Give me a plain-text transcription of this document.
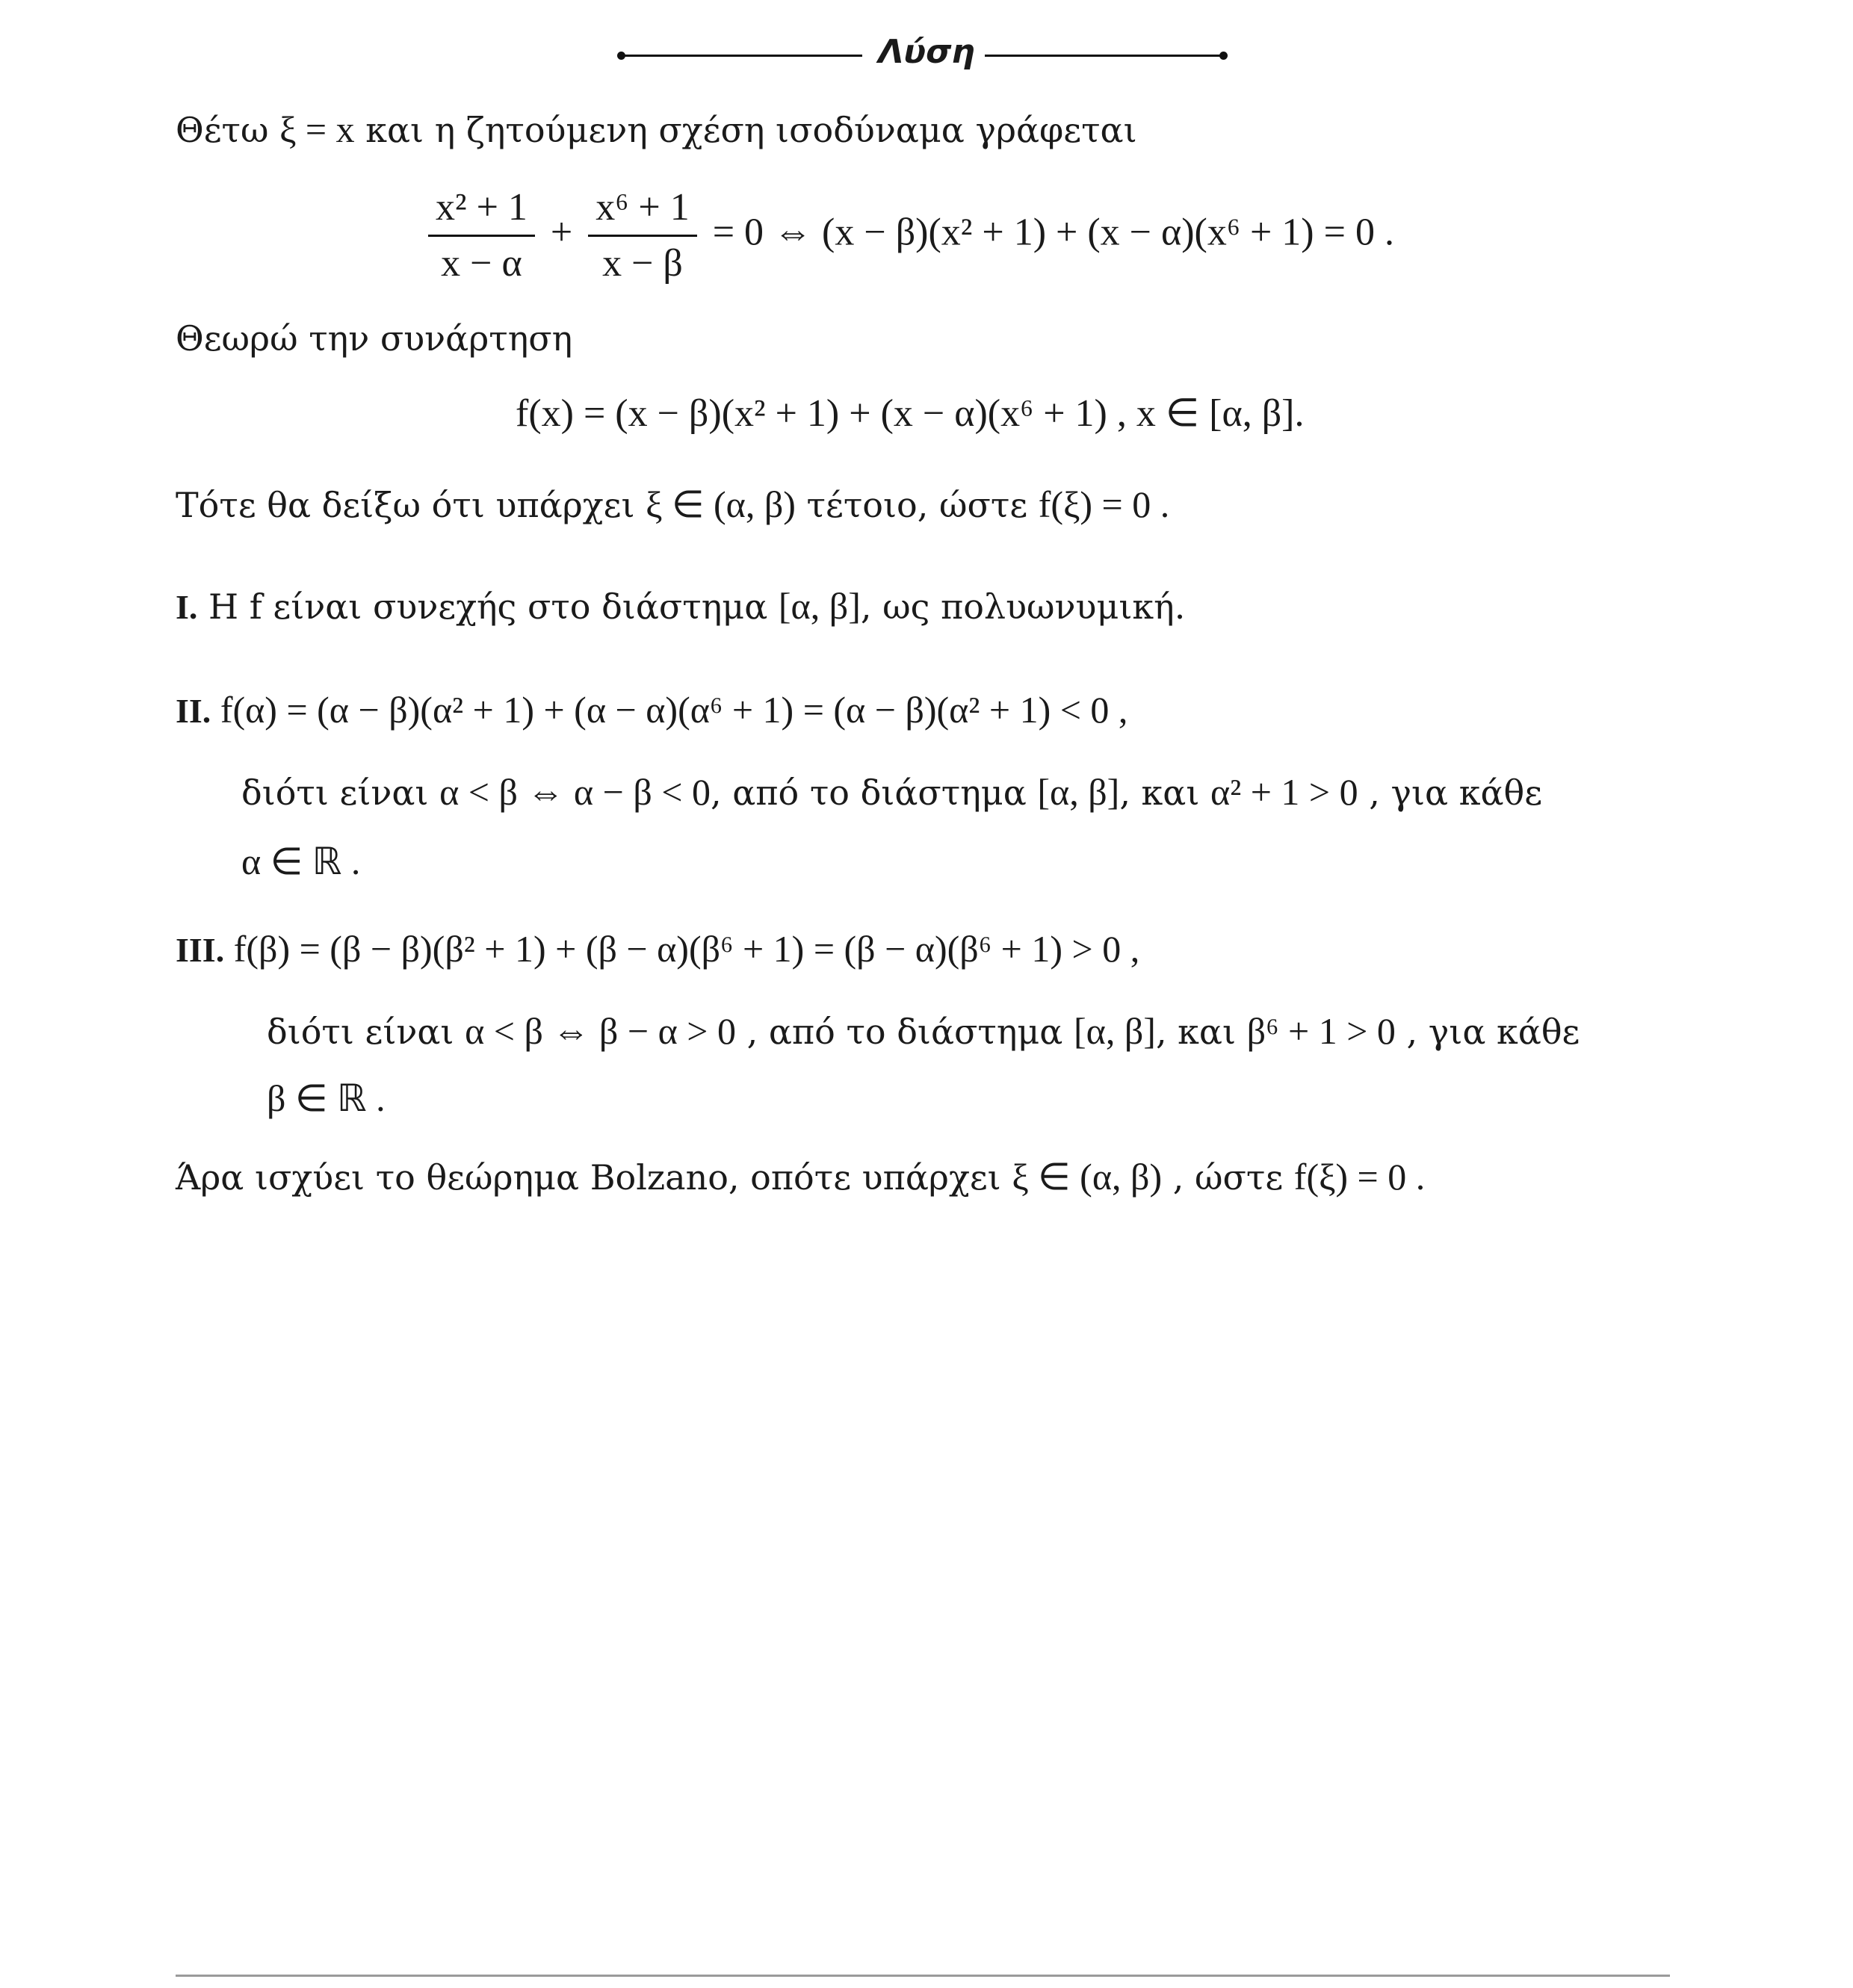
Λύση
Θέτω ξ = x και η ζητούμενη σχέση ισοδύναμα γράφεται
$\frac{\text{x² + 1}}{x - \alpha} + \frac{\text{x⁶ + 1}}{x - \beta} = 0$ ⇔ (x − β)(x² + 1) + (x − α)(x⁶ + 1) = 0 .
Θεωρώ την συνάρτηση
f(x) = (x − β)(x² + 1) + (x − α)(x⁶ + 1) , x ∈ [α, β].
Τότε θα δείξω ότι υπάρχει ξ ∈ (α, β) τέτοιο, ώστε f(ξ) = 0 .
I. Η f είναι συνεχής στο διάστημα [α, β], ως πολυωνυμική.
II. f(α) = (α − β)(α² + 1) + (α − α)(α⁶ + 1) = (α − β)(α² + 1) < 0 ,
διότι είναι α < β ⇔ α − β < 0, από το διάστημα [α, β], και α² + 1 > 0 , για κάθε
α ∈ ℝ .
III. f(β) = (β − β)(β² + 1) + (β − α)(β⁶ + 1) = (β − α)(β⁶ + 1) > 0 ,
διότι είναι α < β ⇔ β − α > 0 , από το διάστημα [α, β], και β⁶ + 1 > 0 , για κάθε
β ∈ ℝ .
Άρα ισχύει το θεώρημα Bolzano, οπότε υπάρχει ξ ∈ (α, β) , ώστε f(ξ) = 0 .
